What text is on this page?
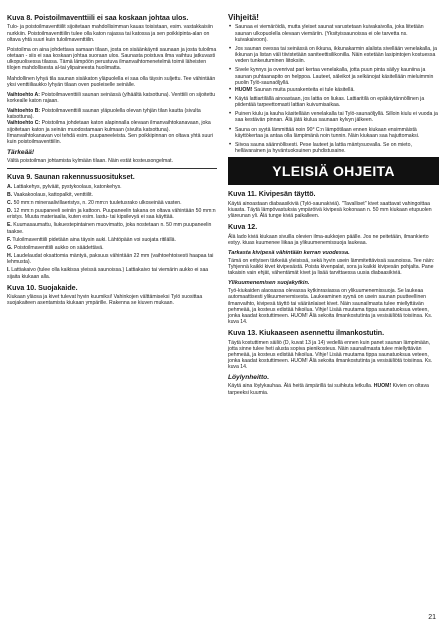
Kuva 8. Poistoilmaventtiili ei saa koskaan johtaa ulos.

Tulo- ja poistoilmaventtiilit sijoitetaan mahdollisimman kauas toisistaan, esim. vastakkaisiin nurkkiin. Poistoilmaventtiilin tulee olla katon rajassa tai katossa ja sen poikkipinta-alan on oltava yhtä suuri kuin tuloilmaventtiilin.

Poistoilma on aina johdettava samaan tilaan, josta on sisäänkäynti saunaan ja josta tuloilma otetaan - siis ei saa koskaan johtaa suoraan ulos. Saunasta poistuva ilma vaihtuu jatkuvasti ulkopuolisessa tilassa. Tämä lämpöön perustuva ilmanvaihtomenetelmä toimii läheisten tilojen mahdollisesta al-tai ylipaineesta huolimatta.

Mahdollinen lyhyä tila saunan sisäkaton yläpuolella ei saa olla täysin suljettu. Tee vähintään yksi venttiiliaukko lyhyän tilaan oven puoleiselle seinälle.

Vaihtoehto A: Poistoilmaventtiili saunan seinässä (ylhäältä katsottuna). Venttiili on sijoitettu korkealle katon rajaan.

Vaihtoehto B: Poistoilmaventtiili saunan yläpuolella olevan tyhjän tilan kautta (sivulta katsottuna).

Vaihtoehto C: Poistoilma johdetaan katon alapinnalla olevaan ilmanvaihtokanavaan, joka sijoitetaan katon ja seinän muodostamaan kulmaan (sivulta katsottuna). Ilmanvaihtokanavan voi tehdä esim. puupaneeleista. Sen poikkipinnan on oltava yhtä suuri kuin poistoilmaventtiilin.

Tärkeää!

Vältä poistoilman johtamista kylmään tilaan. Näin estät kosteusongelmat.

Kuva 9. Saunan rakennussuositukset.

A. Lattiakehys, pylväät, pystykoolaus, katonkehys.

B. Vaakakoolaus, kattopalkit, venttiilit.

C. 50 mm:n mineraalivillaeristys, n. 20 mm:n tuuletusrako ulkoseinää vasten.

D. 12 mm:n puupaneeli seiniin ja kattoon. Puupaneelin takana on oltava vähintään 50 mm:n eristys. Muuta materiaalia, kuten esim. lastu- tai kipsilevyä ei saa käyttää.

E. Kuumasaumattu, liukuestepintainen muovimatto, joka nostetaan n. 50 mm puupaneelin taakse.

F. Tuloilmaventtiili pidetään aina täysin auki. Lähtöpään voi suojata ritilällä.

G. Poistoilmaventtiili aukko on säädettävä.

H. Laudelaudat oksattomia mäntyä, paksuus vähintään 22 mm (vaihtoehtoisesti haapaa tai lehmusta).

I. Lattiakaivo (tulee olla kaikissa yleissä saunoissa.) Lattiakaivo tai viemärin aukko ei saa sijaita kiukaan alla.

Kuva 10. Suojakaide.

Kiukaan yläosa ja kivet tulevat hyvin kuumiksi! Vahinkojen välttämiseksi Tylö suosittaa suojakaiteen asentamista kiukaan ympärille. Rakenna se kiuven mukaan.

Vihjeitä!
• Saunaa ei viemäröidä, mutta yleiset saunat varustetaan kuivakaivolla, joka liitetään saunan ulkopuolella olevaan viemäriin. (Yksityissaunoissa ei ole tarvetta ns. kuivakaivoon).
• Jos saunan ovessa tai seinässä on ikkuna, ikkunakarmin alalista sivellään venelakalla, ja ikkunan ja listan väli tiivistetään saniteettisilikonilla. Näin estetään lasipintojen kostuessa veden tunkeutuminen liitoksiin.
• Sivele kynnys ja ovenrivat pari kertaa venelakalla, jotta puun pinta säilyy kauniina ja saunan puhtaanapito on helppoa. Lauteet, säleikot ja selkänojat käsitellään mieluimmin puolin Tylö-saunaöljyllä.
• HUOM! Saunan muita puurakenteita ei tule käsitellä.
• Käytä lattiartilällä ainoastaan, jos lattia on liukas. Lattiaritilä on epäkäytännöllinen ja piidentää tarpeettomasti lattian kuivumisaikaa.
• Puinen kiulu ja kauha käsitellään venelakalla tai Tylö-saunaöljyllä. Silloin kiulu ei vuoda ja saa kestävän pinnan. Älä jätä kiulua saunaan kylvyn jälkeen.
• Sauna on syytä lämmittää noin 90° C:n lämpötilaan ennen kiukaan ensimmäistä käyttökertaa ja antaa olla lämpimänä noin tunnin. Näin kiukaan saa hajuttomaksi.
• Siivoa sauna säännöllisesti. Pese lauteet ja lattia mäntysuovalla. Se on mieto, hellävarainen ja hyväntuoksuinen puhdistusaine.
YLEISIÄ OHJEITA
Kuva 11. Kivipesän täyttö.

Käytä ainoastaan diabaasikiviä (Tylö-saunakiviä). "Tavalliset" kivet saattavat vahingoittaa kiuasta. Täytä lämpövastuksia ympäröivä kivipesä kokonaan n. 50 mm kiukaan etupuolen yläreunan yli. Älä tunge kiviä paikalleen.

Kuva 12.

Älä lado kiviä kiukaan sivuilla olevien ilma-aukkojen päälle. Jos ne peitetään, ilmankierto estyy. kiuas kuumenee liikaa ja ylikuumenemissuoja laukeaa.

Tarkasta kivipesä vähintään kerran vuodessa.

Tämä on erityisen tärkeää yleisissä, sekä hyvin usein lämmitettävissä saunoissa. Tee näin: Tyhjennä kaikki kivet kivipesästä. Poista kivenpalat, sora ja kaikki kivipesän pohjalta. Pane takaisin vain ehjät, vähentämät kivet ja lisää tarvittaessa uusia diabaasikiviä.

Ylikuumenemisen suojakytkin.

Työ-kiukaiden alaosassa olevassa kytkinrasiassa on ylikuumenemissuoja. Se laukeaa automaattisesti ylikuumenemisesta. Laukeaminen syynä on usein saunan puutteellinen ilmanvaihto, kivipesä täyttö tai vääränlaiset kivet. Näin saunailmasta tulee miellyttävän pehmeää, ja kosteus edistää hikoilua. Vihje! Lisää muutama tippa saunatuoksua veteen, jonka kaadat kostuttimeen. HUOM! Älä sekoita ilmankostutinta ja vesisäiliötä toisiinsa. Ks. kuva 14.

Kuva 13. Kiukaaseen asennettu ilmankostutin.

Täytä kostuttimen säiliö (D, kuvat 13 ja 14) vedellä ennen kuin panet saunan lämpimään, jotta sinne tulee heti alusta sopiva pienikosteus. Näin saunailmasta tulee miellyttävän pehmeää, ja kosteus edistää hikoilua. Vihje! Lisää muutama tippa saunatuoksua veteen, jonka kaadat kostuttimeen. HUOM! Älä sekoita ilmankostutinta ja vesisäiliötä toisiinsa. Ks. kuva 14.

Löylynheitto.

Käytä aina löylykauhaa. Älä heitä ämpärillä tai suihkuta letkulla. HUOM! Kivien on oltava tarpeeksi kuumia.

21
